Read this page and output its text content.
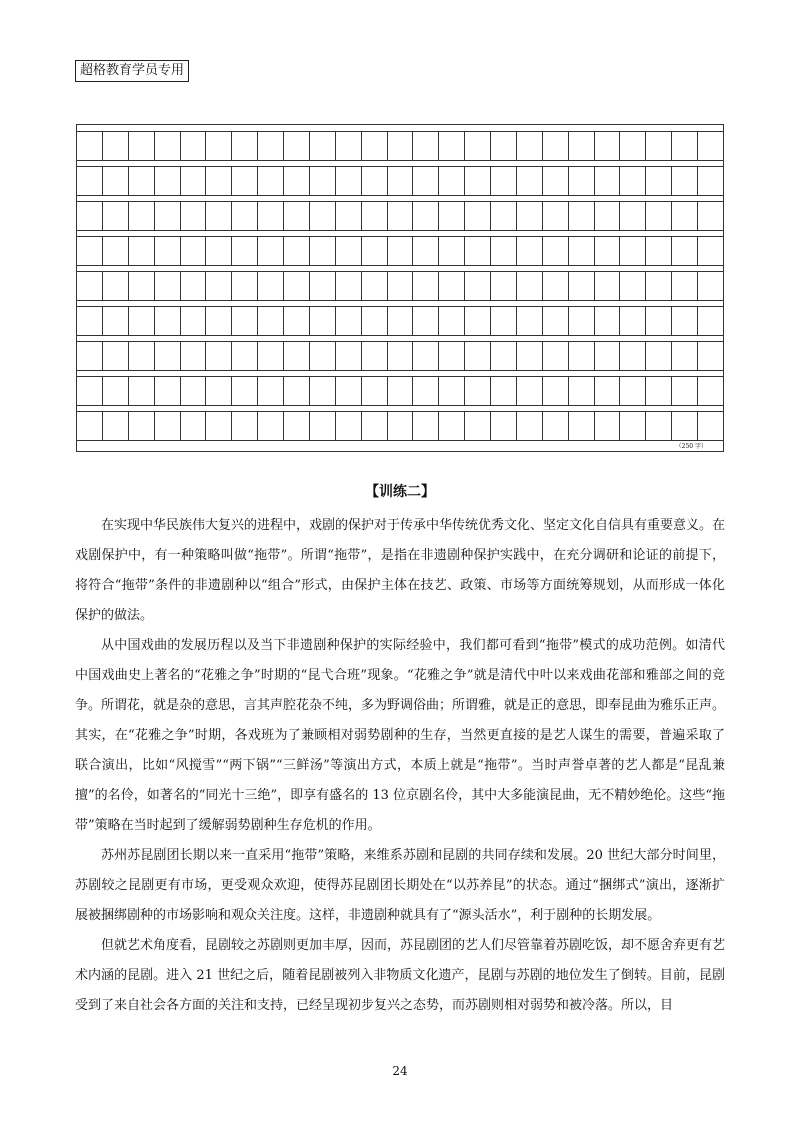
超格教育学员专用
（250 字）
【训练二】

在实现中华民族伟大复兴的进程中，戏剧的保护对于传承中华传统优秀文化、坚定文化自信具有重要意义。在戏剧保护中，有一种策略叫做“拖带”。所谓“拖带”，是指在非遗剧种保护实践中，在充分调研和论证的前提下，将符合“拖带”条件的非遗剧种以“组合”形式，由保护主体在技艺、政策、市场等方面统筹规划，从而形成一体化保护的做法。

从中国戏曲的发展历程以及当下非遗剧种保护的实际经验中，我们都可看到“拖带”模式的成功范例。如清代中国戏曲史上著名的“花雅之争”时期的“昆弋合班”现象。“花雅之争”就是清代中叶以来戏曲花部和雅部之间的竞争。所谓花，就是杂的意思，言其声腔花杂不纯，多为野调俗曲；所谓雅，就是正的意思，即奉昆曲为雅乐正声。其实，在“花雅之争”时期，各戏班为了兼顾相对弱势剧种的生存，当然更直接的是艺人谋生的需要，普遍采取了联合演出，比如“风搅雪”“两下锅”“三鲜汤”等演出方式，本质上就是“拖带”。当时声誉卓著的艺人都是“昆乱兼擅”的名伶，如著名的“同光十三绝”，即享有盛名的 13 位京剧名伶，其中大多能演昆曲，无不精妙绝伦。这些“拖带”策略在当时起到了缓解弱势剧种生存危机的作用。

苏州苏昆剧团长期以来一直采用“拖带”策略，来维系苏剧和昆剧的共同存续和发展。20 世纪大部分时间里，苏剧较之昆剧更有市场，更受观众欢迎，使得苏昆剧团长期处在“以苏养昆”的状态。通过“捆绑式”演出，逐渐扩展被捆绑剧种的市场影响和观众关注度。这样，非遗剧种就具有了“源头活水”，利于剧种的长期发展。

但就艺术角度看，昆剧较之苏剧则更加丰厚，因而，苏昆剧团的艺人们尽管靠着苏剧吃饭，却不愿舍弃更有艺术内涵的昆剧。进入 21 世纪之后，随着昆剧被列入非物质文化遗产，昆剧与苏剧的地位发生了倒转。目前，昆剧受到了来自社会各方面的关注和支持，已经呈现初步复兴之态势，而苏剧则相对弱势和被冷落。所以，目

24
